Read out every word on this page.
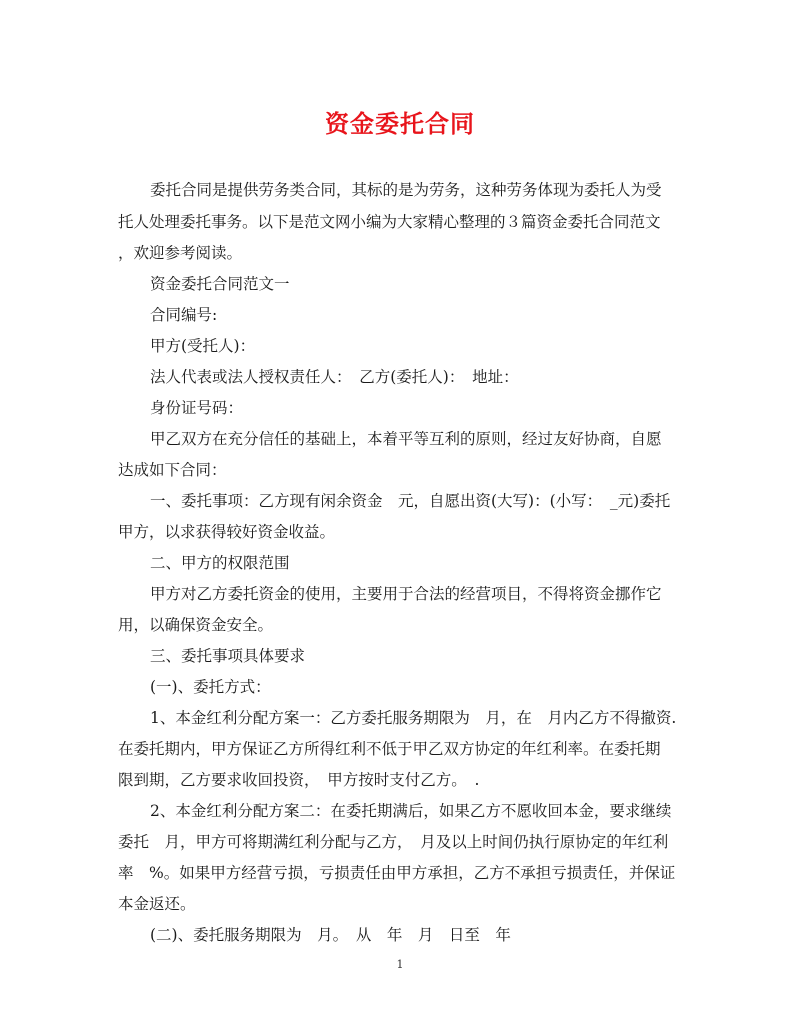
资金委托合同
委托合同是提供劳务类合同，其标的是为劳务，这种劳务体现为委托人为受
托人处理委托事务。以下是范文网小编为大家精心整理的３篇资金委托合同范文
，欢迎参考阅读。
资金委托合同范文一
合同编号:
甲方(受托人)：
法人代表或法人授权责任人：　乙方(委托人)：　地址：
身份证号码：
甲乙双方在充分信任的基础上，本着平等互利的原则，经过友好协商，自愿
达成如下合同：
一、委托事项：乙方现有闲余资金　元，自愿出资(大写)：(小写：　_元)委托
甲方，以求获得较好资金收益。
二、甲方的权限范围
甲方对乙方委托资金的使用，主要用于合法的经营项目，不得将资金挪作它
用，以确保资金安全。
三、委托事项具体要求
(一)、委托方式：
1、本金红利分配方案一：乙方委托服务期限为　月，在　月内乙方不得撤资.
在委托期内，甲方保证乙方所得红利不低于甲乙双方协定的年红利率。在委托期
限到期，乙方要求收回投资，　甲方按时支付乙方。　.
2、本金红利分配方案二：在委托期满后，如果乙方不愿收回本金，要求继续
委托　月，甲方可将期满红利分配与乙方，　月及以上时间仍执行原协定的年红利
率　%。如果甲方经营亏损，亏损责任由甲方承担，乙方不承担亏损责任，并保证
本金返还。
(二)、委托服务期限为　月。　从　年　月　日至　年
1
